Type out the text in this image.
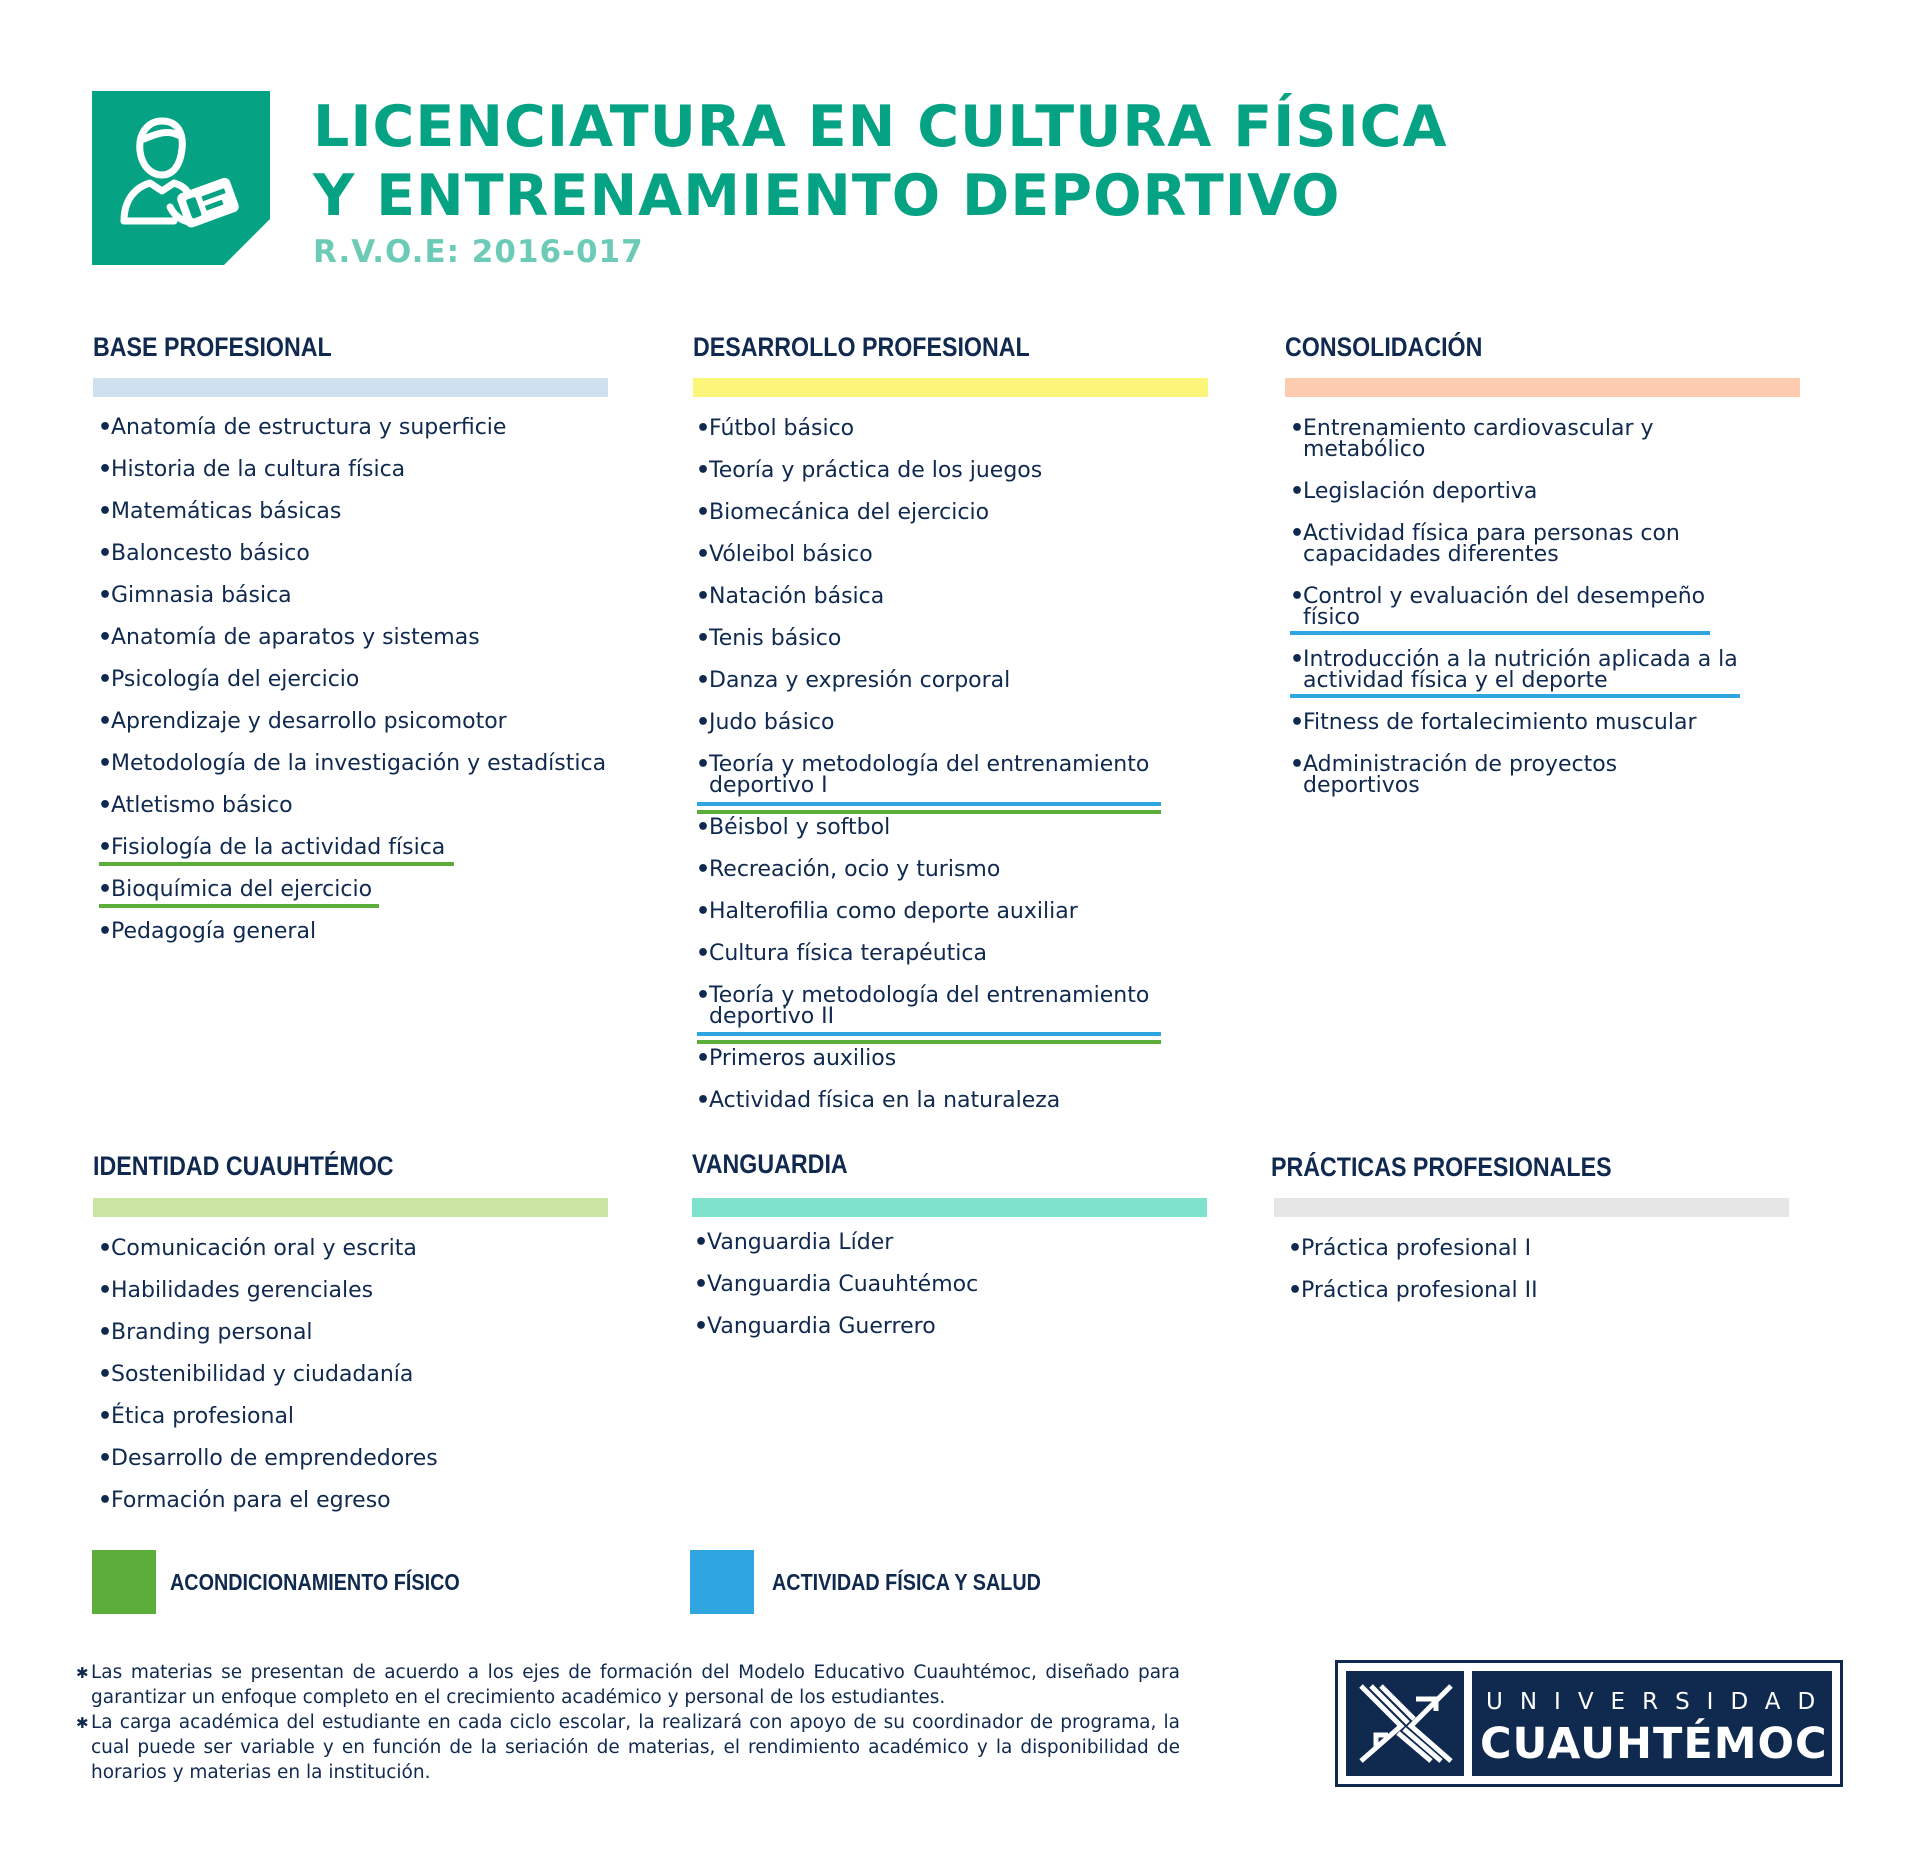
LICENCIATURA EN CULTURA FÍSICA
Y ENTRENAMIENTO DEPORTIVO
R.V.O.E: 2016-017
BASE PROFESIONAL	DESARROLLO PROFESIONAL	CONSOLIDACIÓN
IDENTIDAD CUAUHTÉMOC	VANGUARDIA	PRÁCTICAS PROFESIONALES
ACONDICIONAMIENTO FÍSICO	ACTIVIDAD FÍSICA Y SALUD
✱ Las materias se presentan de acuerdo a los ejes de formación del Modelo Educativo Cuauhtémoc, diseñado para garantizar un enfoque completo en el crecimiento académico y personal de los estudiantes.
✱ La carga académica del estudiante en cada ciclo escolar, la realizará con apoyo de su coordinador de programa, la cual puede ser variable y en función de la seriación de materias, el rendimiento académico y la disponibilidad de horarios y materias en la institución.
UNIVERSIDAD
CUAUHTÉMOC
•
Anatomía de estructura y superficie
•
Historia de la cultura física
•
Matemáticas básicas
•
Baloncesto básico
•
Gimnasia básica
•
Anatomía de aparatos y sistemas
•
Psicología del ejercicio
•
Aprendizaje y desarrollo psicomotor
•
Metodología de la investigación y estadística
•
Atletismo básico
•
Fisiología de la actividad física
•
Bioquímica del ejercicio
•
Pedagogía general
•
Fútbol básico
•
Teoría y práctica de los juegos
•
Biomecánica del ejercicio
•
Vóleibol básico
•
Natación básica
•
Tenis básico
•
Danza y expresión corporal
•
Judo básico
•
Teoría y metodología del entrenamiento
deportivo I
•
Béisbol y softbol
•
Recreación, ocio y turismo
•
Halterofilia como deporte auxiliar
•
Cultura física terapéutica
•
Teoría y metodología del entrenamiento
deportivo II
•
Primeros auxilios
•
Actividad física en la naturaleza
•
Entrenamiento cardiovascular y
metabólico
•
Legislación deportiva
•
Actividad física para personas con
capacidades diferentes
•
Control y evaluación del desempeño
físico
•
Introducción a la nutrición aplicada a la
actividad física y el deporte
•
Fitness de fortalecimiento muscular
•
Administración de proyectos
deportivos
•
Comunicación oral y escrita
•
Habilidades gerenciales
•
Branding personal
•
Sostenibilidad y ciudadanía
•
Ética profesional
•
Desarrollo de emprendedores
•
Formación para el egreso
•
Vanguardia Líder
•
Vanguardia Cuauhtémoc
•
Vanguardia Guerrero
•
Práctica profesional I
•
Práctica profesional II
